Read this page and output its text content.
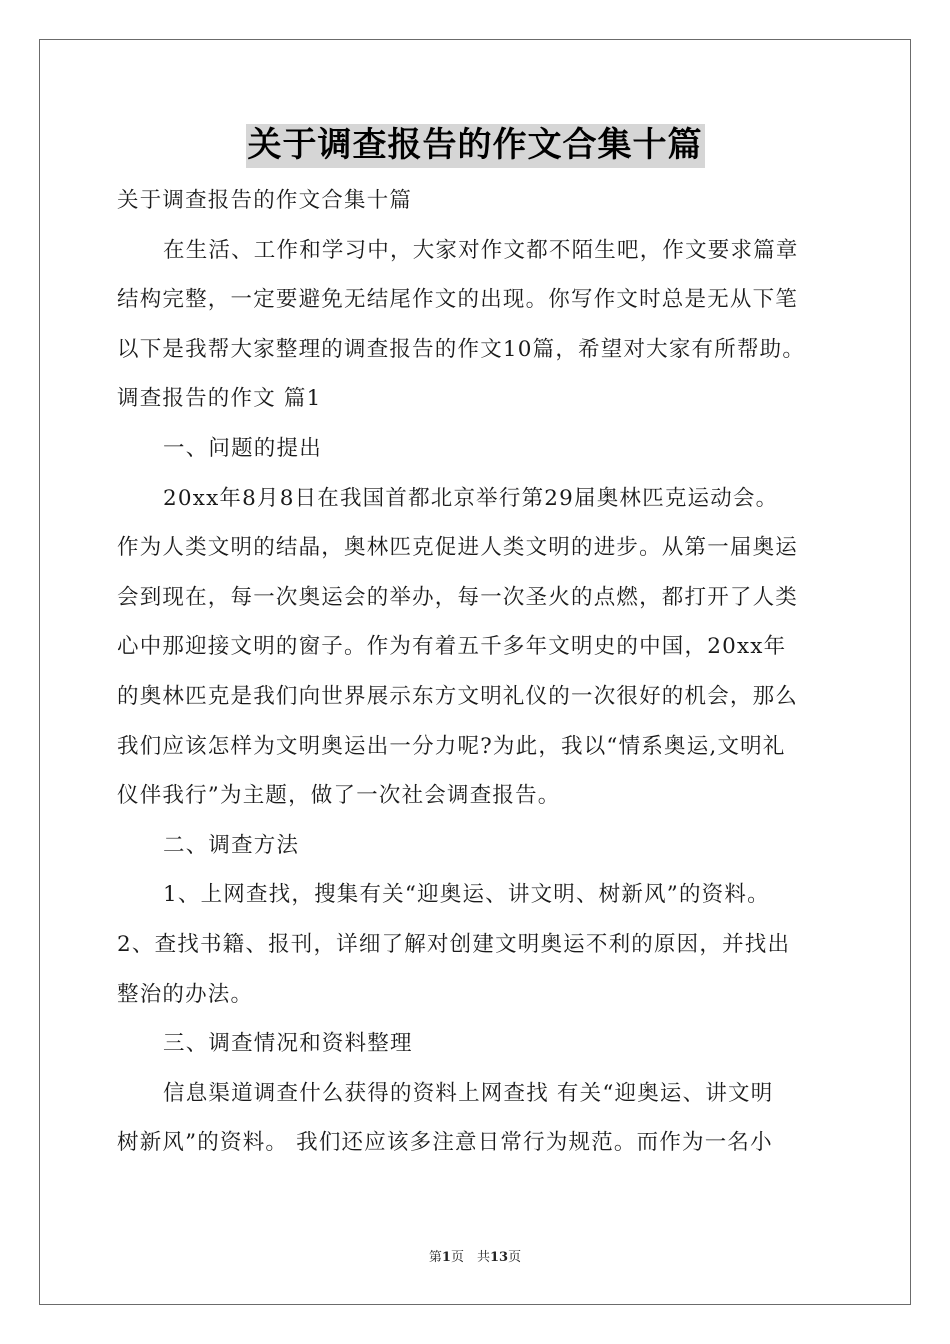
关于调查报告的作文合集十篇
关于调查报告的作文合集十篇
在生活、工作和学习中，大家对作文都不陌生吧，作文要求篇章
结构完整，一定要避免无结尾作文的出现。你写作文时总是无从下笔
以下是我帮大家整理的调查报告的作文10篇，希望对大家有所帮助。
调查报告的作文 篇1
一、问题的提出
20xx年8月8日在我国首都北京举行第29届奥林匹克运动会。
作为人类文明的结晶，奥林匹克促进人类文明的进步。从第一届奥运
会到现在，每一次奥运会的举办，每一次圣火的点燃，都打开了人类
心中那迎接文明的窗子。作为有着五千多年文明史的中国，20xx年
的奥林匹克是我们向世界展示东方文明礼仪的一次很好的机会，那么
我们应该怎样为文明奥运出一分力呢?为此，我以“情系奥运,文明礼
仪伴我行”为主题，做了一次社会调查报告。
二、调查方法
1、上网查找，搜集有关“迎奥运、讲文明、树新风”的资料。
2、查找书籍、报刊，详细了解对创建文明奥运不利的原因，并找出
整治的办法。
三、调查情况和资料整理
信息渠道调查什么获得的资料上网查找 有关“迎奥运、讲文明
树新风”的资料。 我们还应该多注意日常行为规范。而作为一名小
第1页　共13页
